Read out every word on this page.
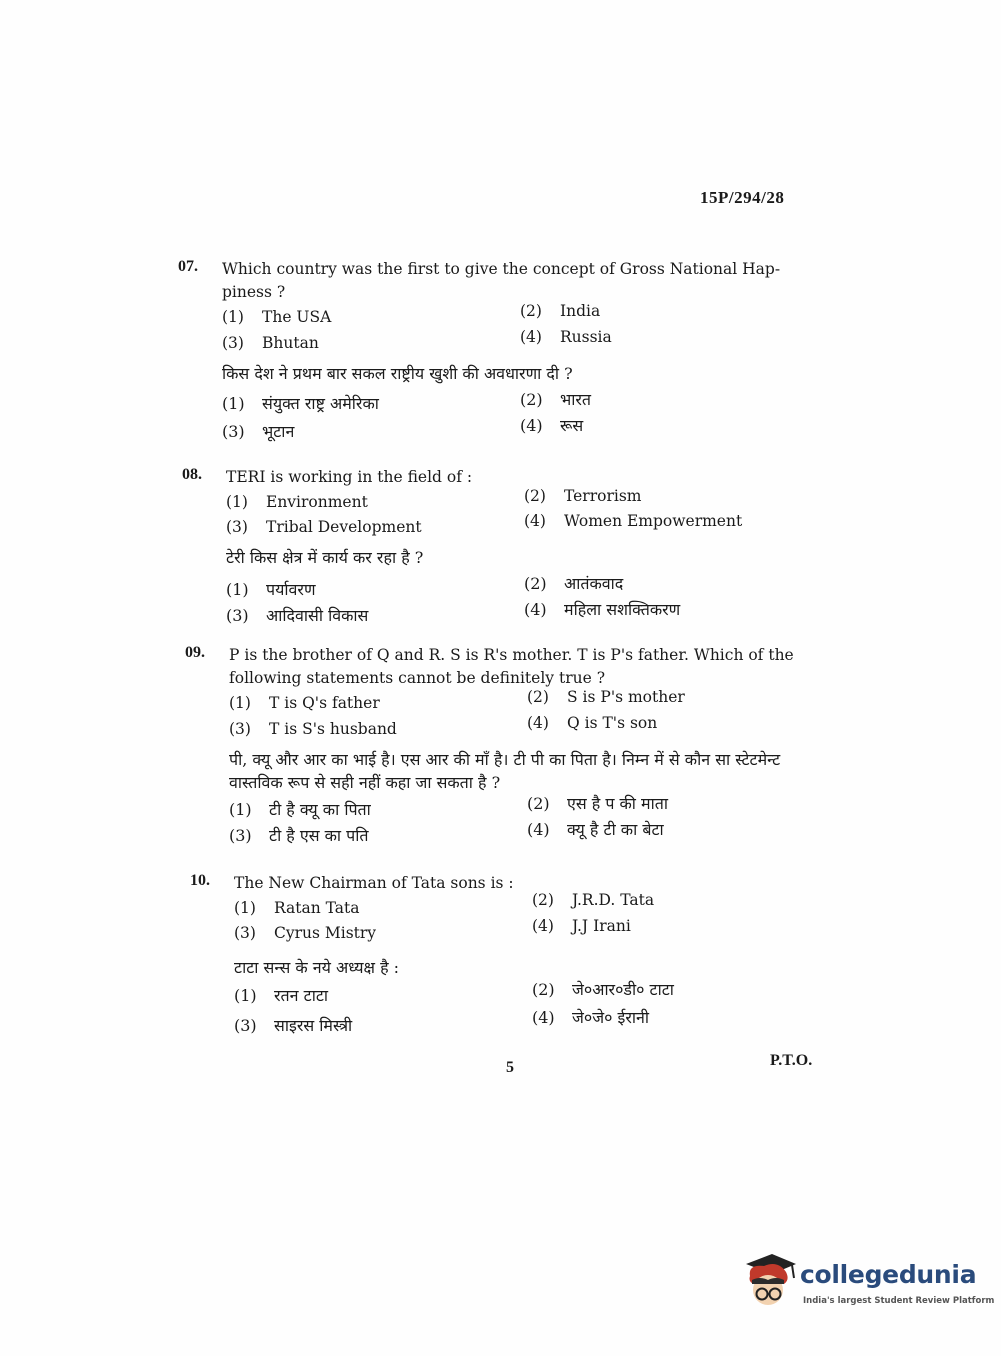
15P/294/28
07. Which country was the first to give the concept of Gross National Hap- piness ?
(1) The USA	(2) India
(3) Bhutan	(4) Russia
किस देश ने प्रथम बार सकल राष्ट्रीय खुशी की अवधारणा दी ?
(1) संयुक्त राष्ट्र अमेरिका	(2) भारत
(3) भूटान	(4) रूस
08. TERI is working in the field of :
(1) Environment	(2) Terrorism
(3) Tribal Development	(4) Women Empowerment
टेरी किस क्षेत्र में कार्य कर रहा है ?
(1) पर्यावरण	(2) आतंकवाद
(3) आदिवासी विकास	(4) महिला सशक्तिकरण
09. P is the brother of Q and R. S is R's mother. T is P's father. Which of the following statements cannot be definitely true ?
(1) T is Q's father	(2) S is P's mother
(3) T is S's husband	(4) Q is T's son
पी, क्यू और आर का भाई है। एस आर की माँ है। टी पी का पिता है। निम्न में से कौन सा स्टेटमेन्ट वास्तविक रूप से सही नहीं कहा जा सकता है ?
(1) टी है क्यू का पिता	(2) एस है प की माता
(3) टी है एस का पति	(4) क्यू है टी का बेटा
10. The New Chairman of Tata sons is :
(1) Ratan Tata	(2) J.R.D. Tata
(3) Cyrus Mistry	(4) J.J Irani
टाटा सन्स के नये अध्यक्ष है :
(1) रतन टाटा	(2) जे०आर०डी० टाटा
(3) साइरस मिस्त्री	(4) जे०जे० ईरानी
5	P.T.O.
collegedunia
India's largest Student Review Platform
